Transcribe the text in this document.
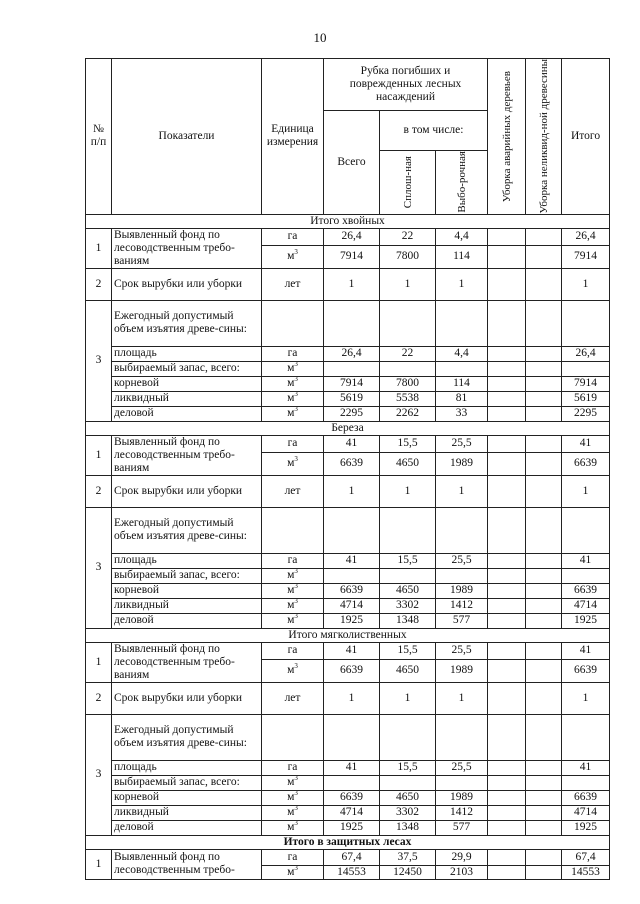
10
№ п/п	Показатели	Единица измерения	Рубка погибших и поврежденных лесных насаждений			Уборка аварийных деревьев	Уборка неликвид-ной древесины	Итого
			Всего	в том числе:				

				Сплош-ная	Выбо-рочная			

Итого хвойных								
1	Выявленный фонд по лесоводственным требо-ваниям	га	26,4	22	4,4			26,4
		$м^3$	7914	7800	114			7914
2	Срок вырубки или уборки	лет	1	1	1			1
3	Ежегодный допустимый объем изъятия древе-сины:							
	площадь	га	26,4	22	4,4			26,4
	выбираемый запас, всего:	$м^3$						
	корневой	$м^3$	7914	7800	114			7914
	ликвидный	$м^3$	5619	5538	81			5619
	деловой	$м^3$	2295	2262	33			2295
Береза								
1	Выявленный фонд по лесоводственным требо-ваниям	га	41	15,5	25,5			41
		$м^3$	6639	4650	1989			6639
2	Срок вырубки или уборки	лет	1	1	1			1
3	Ежегодный допустимый объем изъятия древе-сины:							
	площадь	га	41	15,5	25,5			41
	выбираемый запас, всего:	$м^3$						
	корневой	$м^3$	6639	4650	1989			6639
	ликвидный	$м^3$	4714	3302	1412			4714
	деловой	$м^3$	1925	1348	577			1925
Итого мягколиственных								
1	Выявленный фонд по лесоводственным требо-ваниям	га	41	15,5	25,5			41
		$м^3$	6639	4650	1989			6639
2	Срок вырубки или уборки	лет	1	1	1			1
3	Ежегодный допустимый объем изъятия древе-сины:							
	площадь	га	41	15,5	25,5			41
	выбираемый запас, всего:	$м^3$						
	корневой	$м^3$	6639	4650	1989			6639
	ликвидный	$м^3$	4714	3302	1412			4714
	деловой	$м^3$	1925	1348	577			1925
Итого в защитных лесах								
1	Выявленный фонд по лесоводственным требо-	га	67,4	37,5	29,9			67,4
		$м^3$	14553	12450	2103			14553
